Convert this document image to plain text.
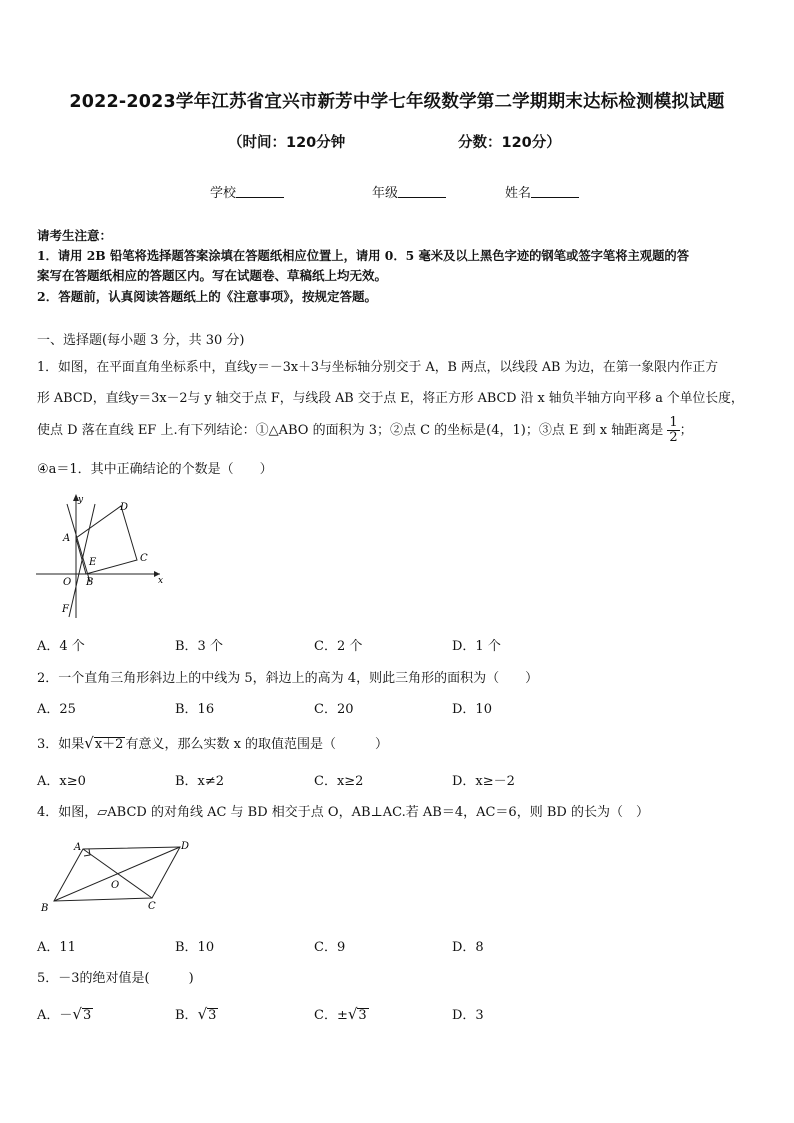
2022-2023学年江苏省宜兴市新芳中学七年级数学第二学期期末达标检测模拟试题
（时间：120分钟	分数：120分）
学校	年级	姓名
请考生注意：
1．请用 2B 铅笔将选择题答案涂填在答题纸相应位置上，请用 0．5 毫米及以上黑色字迹的钢笔或签字笔将主观题的答
案写在答题纸相应的答题区内。写在试题卷、草稿纸上均无效。
2．答题前，认真阅读答题纸上的《注意事项》，按规定答题。
一、选择题(每小题 3 分，共 30 分)
1．如图，在平面直角坐标系中，直线y＝－3x＋3与坐标轴分别交于 A，B 两点，以线段 AB 为边，在第一象限内作正方
形 ABCD，直线y＝3x－2与 y 轴交于点 F，与线段 AB 交于点 E，将正方形 ABCD 沿 x 轴负半轴方向平移 a 个单位长度，
使点 D 落在直线 EF 上.有下列结论：①△ABO 的面积为 3；②点 C 的坐标是(4，1)；③点 E 到 x 轴距离是 $\frac{1}{2}$ ；
④a＝1．其中正确结论的个数是（　　）
y
x
A
B
C
D
E
F
O
A．4 个	B．3 个	C．2 个	D．1 个
2．一个直角三角形斜边上的中线为 5，斜边上的高为 4，则此三角形的面积为（　　）
A．25	B．16	C．20	D．10
3．如果√x＋2 有意义，那么实数 x 的取值范围是（　　　）
A．x≥0	B．x≠2	C．x≥2	D．x≥－2
4．如图，▱ABCD 的对角线 AC 与 BD 相交于点 O，AB⊥AC.若 AB＝4，AC＝6，则 BD 的长为（　）
A
B	C
D
O
A．11	B．10	C．9	D．8
5．－3的绝对值是(　　　)
A．－√3	B．√3	C．±√3	D．3
